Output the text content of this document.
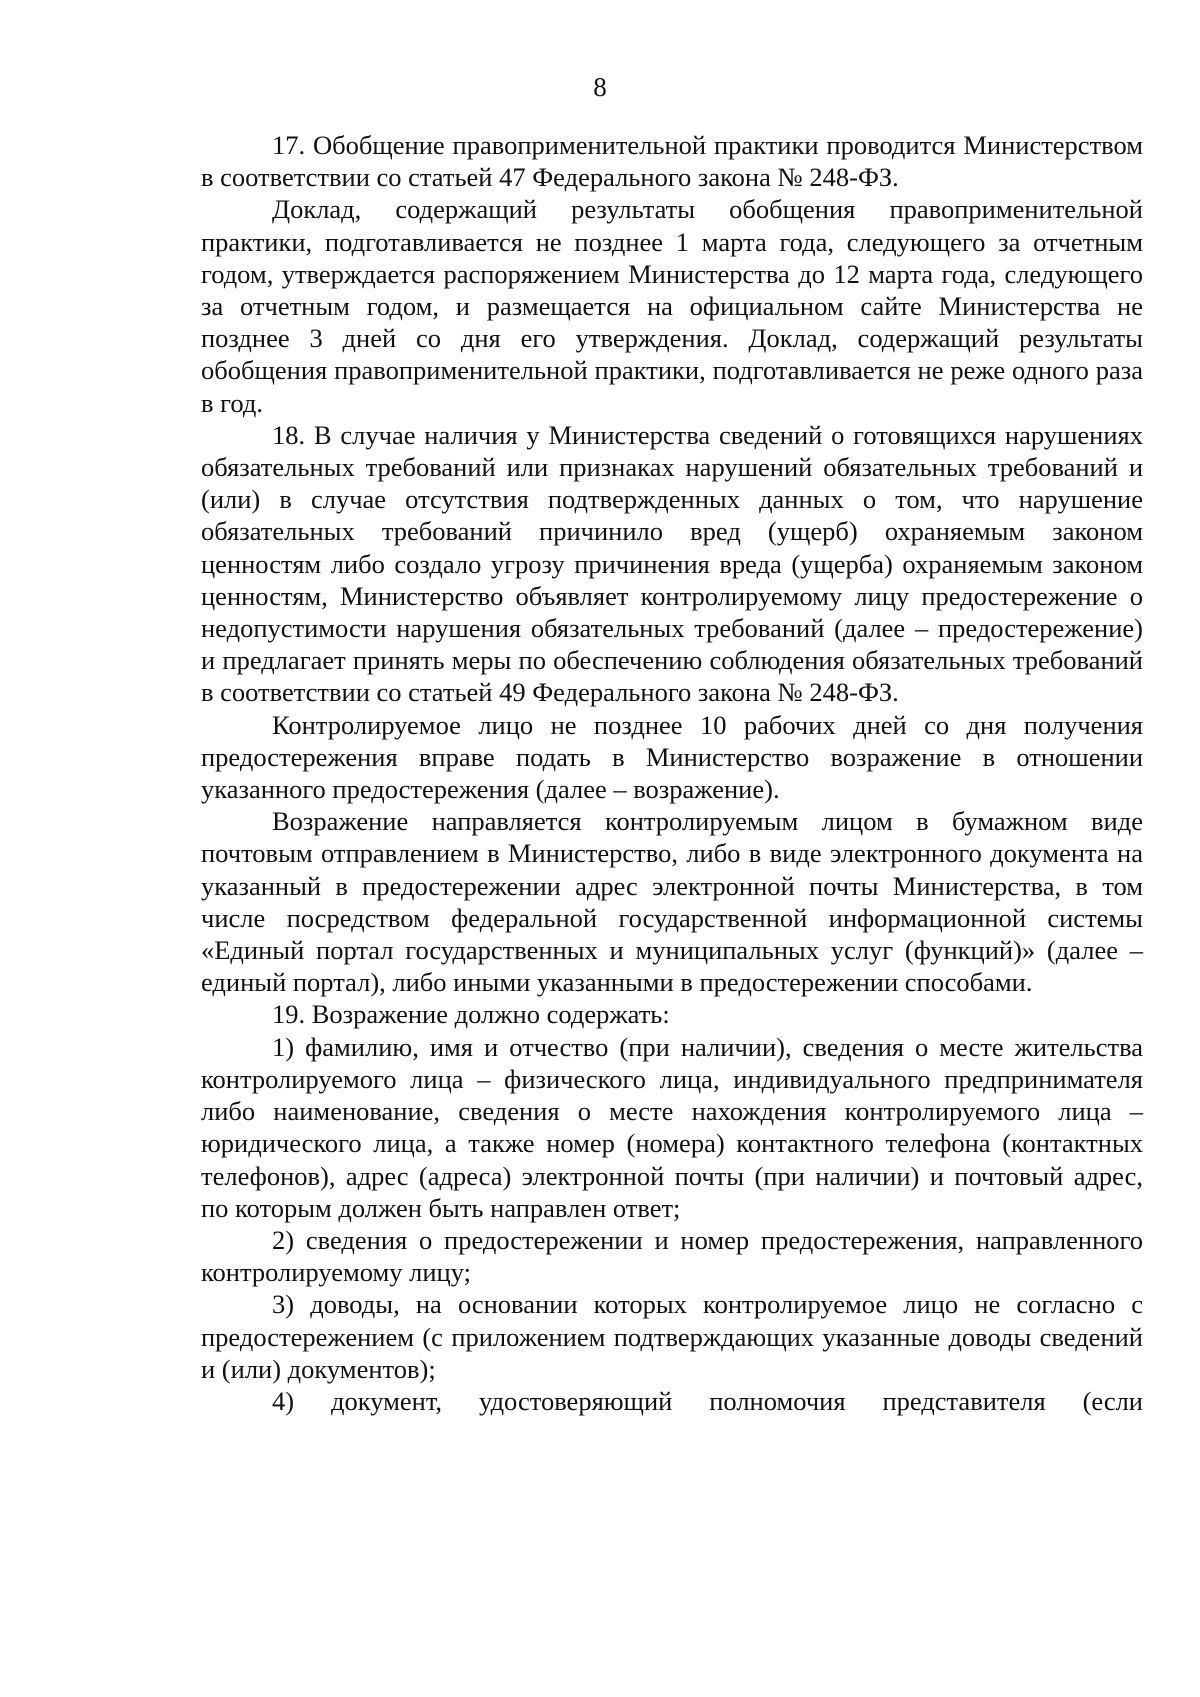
8

17. Обобщение правоприменительной практики проводится Министерством в соответствии со статьей 47 Федерального закона № 248-ФЗ.

Доклад, содержащий результаты обобщения правоприменительной практики, подготавливается не позднее 1 марта года, следующего за отчетным годом, утверждается распоряжением Министерства до 12 марта года, следующего за отчетным годом, и размещается на официальном сайте Министерства не позднее 3 дней со дня его утверждения. Доклад, содержащий результаты обобщения правоприменительной практики, подготавливается не реже одного раза в год.

18. В случае наличия у Министерства сведений о готовящихся нарушениях обязательных требований или признаках нарушений обязательных требований и (или) в случае отсутствия подтвержденных данных о том, что нарушение обязательных требований причинило вред (ущерб) охраняемым законом ценностям либо создало угрозу причинения вреда (ущерба) охраняемым законом ценностям, Министерство объявляет контролируемому лицу предостережение о недопустимости нарушения обязательных требований (далее – предостережение) и предлагает принять меры по обеспечению соблюдения обязательных требований в соответствии со статьей 49 Федерального закона № 248-ФЗ.

Контролируемое лицо не позднее 10 рабочих дней со дня получения предостережения вправе подать в Министерство возражение в отношении указанного предостережения (далее – возражение).

Возражение направляется контролируемым лицом в бумажном виде почтовым отправлением в Министерство, либо в виде электронного документа на указанный в предостережении адрес электронной почты Министерства, в том числе посредством федеральной государственной информационной системы «Единый портал государственных и муниципальных услуг (функций)» (далее – единый портал), либо иными указанными в предостережении способами.

19. Возражение должно содержать:

1) фамилию, имя и отчество (при наличии), сведения о месте жительства контролируемого лица – физического лица, индивидуального предпринимателя либо наименование, сведения о месте нахождения контролируемого лица – юридического лица, а также номер (номера) контактного телефона (контактных телефонов), адрес (адреса) электронной почты (при наличии) и почтовый адрес, по которым должен быть направлен ответ;

2) сведения о предостережении и номер предостережения, направленного контролируемому лицу;

3) доводы, на основании которых контролируемое лицо не согласно с предостережением (с приложением подтверждающих указанные доводы сведений и (или) документов);

4) документ, удостоверяющий полномочия представителя (если
